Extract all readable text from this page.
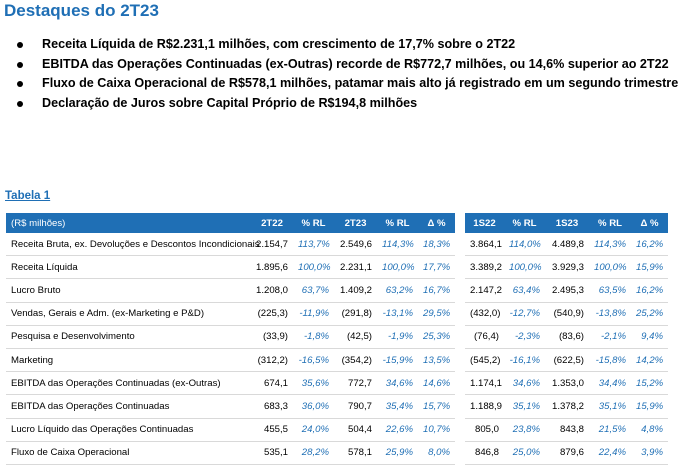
Destaques do 2T23
Receita Líquida de R$2.231,1 milhões, com crescimento de 17,7% sobre o 2T22
EBITDA das Operações Continuadas (ex-Outras) recorde de R$772,7 milhões, ou 14,6% superior ao 2T22
Fluxo de Caixa Operacional de R$578,1 milhões, patamar mais alto já registrado em um segundo trimestre
Declaração de Juros sobre Capital Próprio de R$194,8 milhões
Tabela 1
(R$ milhões)	2T22	% RL	2T23	% RL	Δ %		1S22	% RL	1S23	% RL	Δ %
Receita Bruta, ex. Devoluções e Descontos Incondicionais	2.154,7	113,7%	2.549,6	114,3%	18,3%		3.864,1	114,0%	4.489,8	114,3%	16,2%
Receita Líquida	1.895,6	100,0%	2.231,1	100,0%	17,7%		3.389,2	100,0%	3.929,3	100,0%	15,9%
Lucro Bruto	1.208,0	63,7%	1.409,2	63,2%	16,7%		2.147,2	63,4%	2.495,3	63,5%	16,2%
Vendas, Gerais e Adm. (ex-Marketing e P&D)	(225,3)	-11,9%	(291,8)	-13,1%	29,5%		(432,0)	-12,7%	(540,9)	-13,8%	25,2%
Pesquisa e Desenvolvimento	(33,9)	-1,8%	(42,5)	-1,9%	25,3%		(76,4)	-2,3%	(83,6)	-2,1%	9,4%
Marketing	(312,2)	-16,5%	(354,2)	-15,9%	13,5%		(545,2)	-16,1%	(622,5)	-15,8%	14,2%
EBITDA das Operações Continuadas (ex-Outras)	674,1	35,6%	772,7	34,6%	14,6%		1.174,1	34,6%	1.353,0	34,4%	15,2%
EBITDA das Operações Continuadas	683,3	36,0%	790,7	35,4%	15,7%		1.188,9	35,1%	1.378,2	35,1%	15,9%
Lucro Líquido das Operações Continuadas	455,5	24,0%	504,4	22,6%	10,7%		805,0	23,8%	843,8	21,5%	4,8%
Fluxo de Caixa Operacional	535,1	28,2%	578,1	25,9%	8,0%		846,8	25,0%	879,6	22,4%	3,9%
